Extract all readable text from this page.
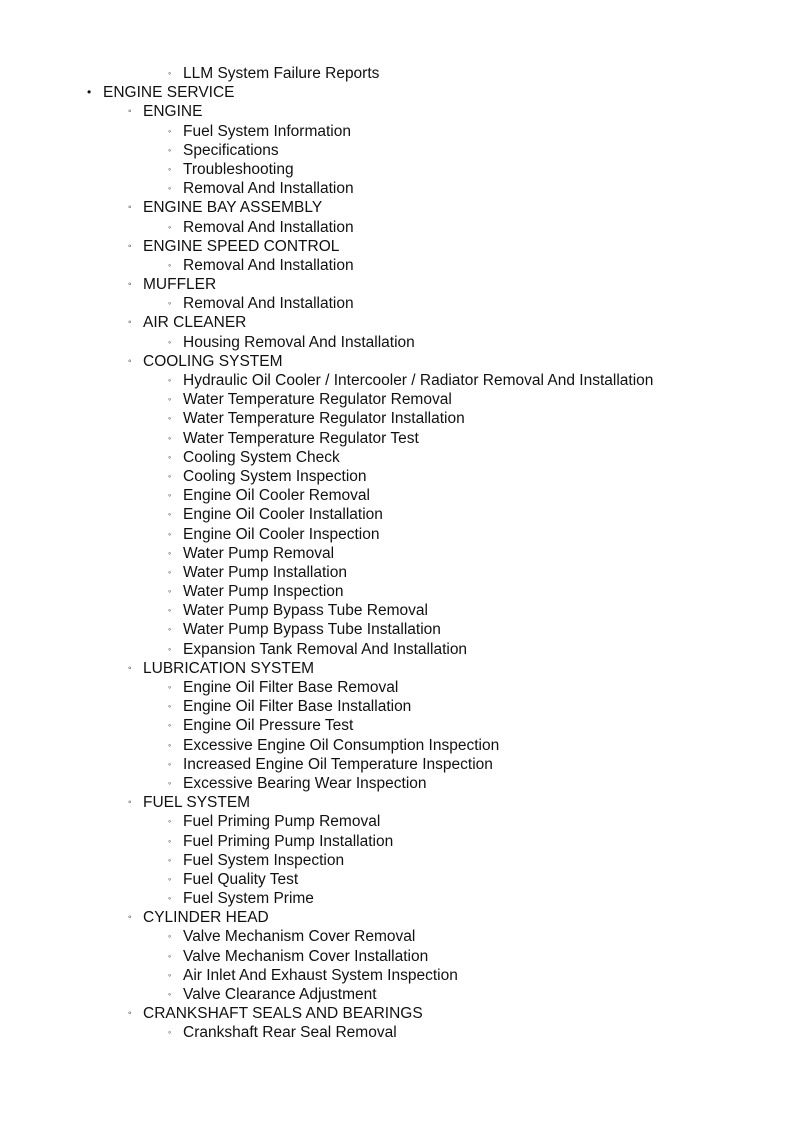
◦ LLM System Failure Reports
• ENGINE SERVICE
◦ ENGINE
◦ Fuel System Information
◦ Specifications
◦ Troubleshooting
◦ Removal And Installation
◦ ENGINE BAY ASSEMBLY
◦ Removal And Installation
◦ ENGINE SPEED CONTROL
◦ Removal And Installation
◦ MUFFLER
◦ Removal And Installation
◦ AIR CLEANER
◦ Housing Removal And Installation
◦ COOLING SYSTEM
◦ Hydraulic Oil Cooler / Intercooler / Radiator Removal And Installation
◦ Water Temperature Regulator Removal
◦ Water Temperature Regulator Installation
◦ Water Temperature Regulator Test
◦ Cooling System Check
◦ Cooling System Inspection
◦ Engine Oil Cooler Removal
◦ Engine Oil Cooler Installation
◦ Engine Oil Cooler Inspection
◦ Water Pump Removal
◦ Water Pump Installation
◦ Water Pump Inspection
◦ Water Pump Bypass Tube Removal
◦ Water Pump Bypass Tube Installation
◦ Expansion Tank Removal And Installation
◦ LUBRICATION SYSTEM
◦ Engine Oil Filter Base Removal
◦ Engine Oil Filter Base Installation
◦ Engine Oil Pressure Test
◦ Excessive Engine Oil Consumption Inspection
◦ Increased Engine Oil Temperature Inspection
◦ Excessive Bearing Wear Inspection
◦ FUEL SYSTEM
◦ Fuel Priming Pump Removal
◦ Fuel Priming Pump Installation
◦ Fuel System Inspection
◦ Fuel Quality Test
◦ Fuel System Prime
◦ CYLINDER HEAD
◦ Valve Mechanism Cover Removal
◦ Valve Mechanism Cover Installation
◦ Air Inlet And Exhaust System Inspection
◦ Valve Clearance Adjustment
◦ CRANKSHAFT SEALS AND BEARINGS
◦ Crankshaft Rear Seal Removal
